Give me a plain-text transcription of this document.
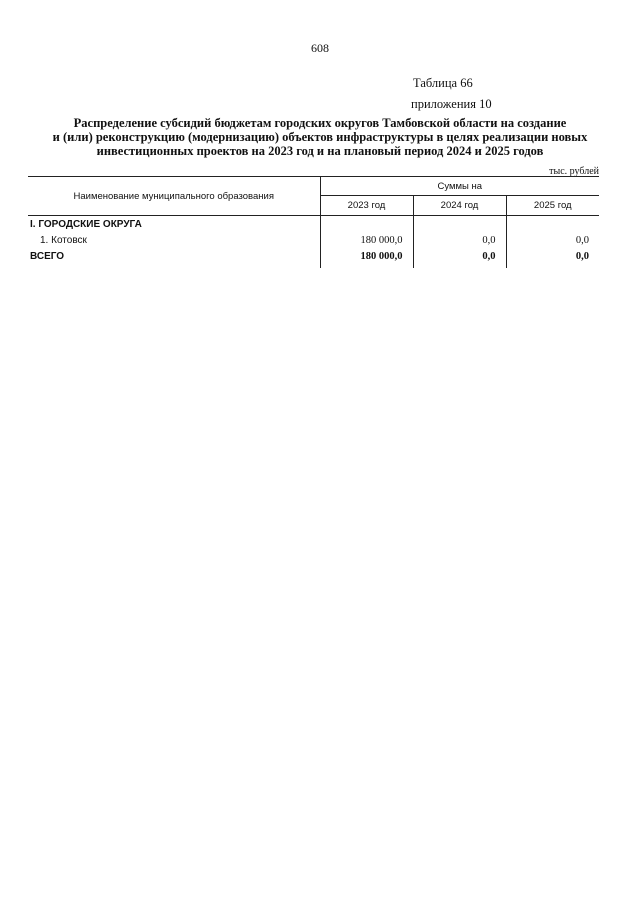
608
Таблица 66
приложения 10
Распределение субсидий бюджетам городских округов Тамбовской области на создание
и (или) реконструкцию (модернизацию) объектов инфраструктуры в целях реализации новых
инвестиционных проектов на 2023 год и на плановый период 2024 и 2025 годов
тыс. рублей
Наименование муниципального образования	Суммы на		
	2023 год	2024 год	2025 год
I. ГОРОДСКИЕ ОКРУГА			
1. Котовск	180 000,0	0,0	0,0
ВСЕГО	180 000,0	0,0	0,0
